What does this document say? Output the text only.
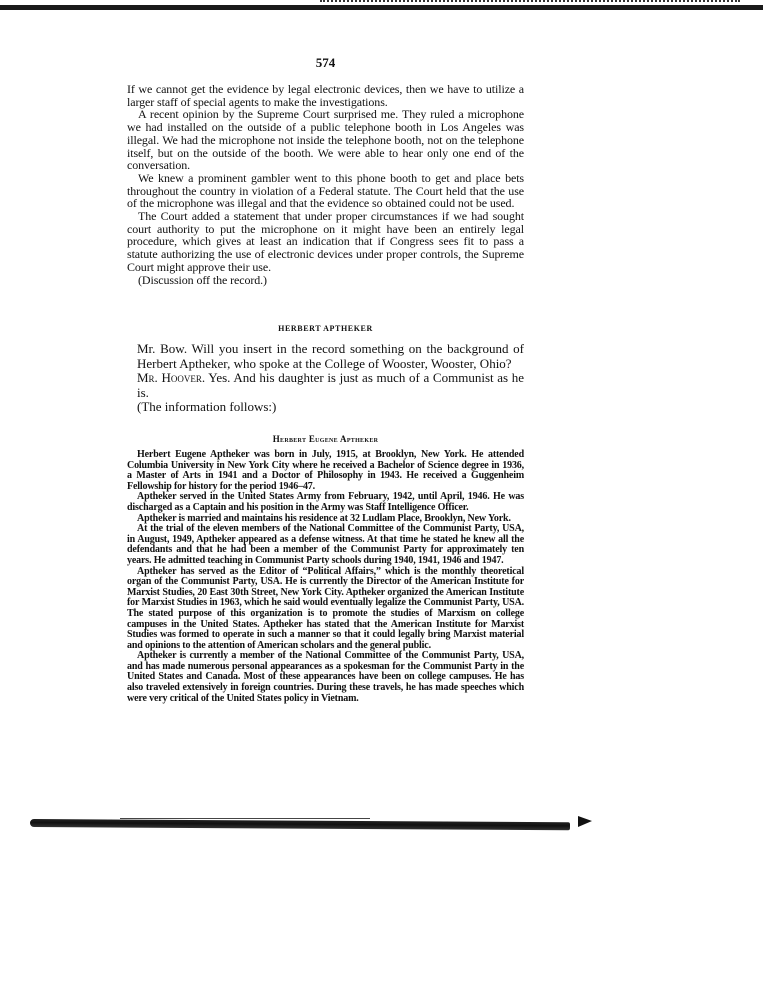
574

If we cannot get the evidence by legal electronic devices, then we have to utilize a larger staff of special agents to make the investigations.

A recent opinion by the Supreme Court surprised me. They ruled a microphone we had installed on the outside of a public telephone booth in Los Angeles was illegal. We had the microphone not inside the telephone booth, not on the telephone itself, but on the outside of the booth. We were able to hear only one end of the conversation.

We knew a prominent gambler went to this phone booth to get and place bets throughout the country in violation of a Federal statute. The Court held that the use of the microphone was illegal and that the evidence so obtained could not be used.

The Court added a statement that under proper circumstances if we had sought court authority to put the microphone on it might have been an entirely legal procedure, which gives at least an indication that if Congress sees fit to pass a statute authorizing the use of electronic devices under proper controls, the Supreme Court might approve their use.

(Discussion off the record.)

HERBERT APTHEKER

Mr. Bow. Will you insert in the record something on the background of Herbert Aptheker, who spoke at the College of Wooster, Wooster, Ohio?

Mr. Hoover. Yes. And his daughter is just as much of a Communist as he is.

(The information follows:)

Herbert Eugene Aptheker

Herbert Eugene Aptheker was born in July, 1915, at Brooklyn, New York. He attended Columbia University in New York City where he received a Bachelor of Science degree in 1936, a Master of Arts in 1941 and a Doctor of Philosophy in 1943. He received a Guggenheim Fellowship for history for the period 1946–47.

Aptheker served in the United States Army from February, 1942, until April, 1946. He was discharged as a Captain and his position in the Army was Staff Intelligence Officer.

Aptheker is married and maintains his residence at 32 Ludlam Place, Brooklyn, New York.

At the trial of the eleven members of the National Committee of the Communist Party, USA, in August, 1949, Aptheker appeared as a defense witness. At that time he stated he knew all the defendants and that he had been a member of the Communist Party for approximately ten years. He admitted teaching in Communist Party schools during 1940, 1941, 1946 and 1947.

Aptheker has served as the Editor of “Political Affairs,” which is the monthly theoretical organ of the Communist Party, USA. He is currently the Director of the American Institute for Marxist Studies, 20 East 30th Street, New York City. Aptheker organized the American Institute for Marxist Studies in 1963, which he said would eventually legalize the Communist Party, USA. The stated purpose of this organization is to promote the studies of Marxism on college campuses in the United States. Aptheker has stated that the American Institute for Marxist Studies was formed to operate in such a manner so that it could legally bring Marxist material and opinions to the attention of American scholars and the general public.

Aptheker is currently a member of the National Committee of the Communist Party, USA, and has made numerous personal appearances as a spokesman for the Communist Party in the United States and Canada. Most of these appearances have been on college campuses. He has also traveled extensively in foreign countries. During these travels, he has made speeches which were very critical of the United States policy in Vietnam.
